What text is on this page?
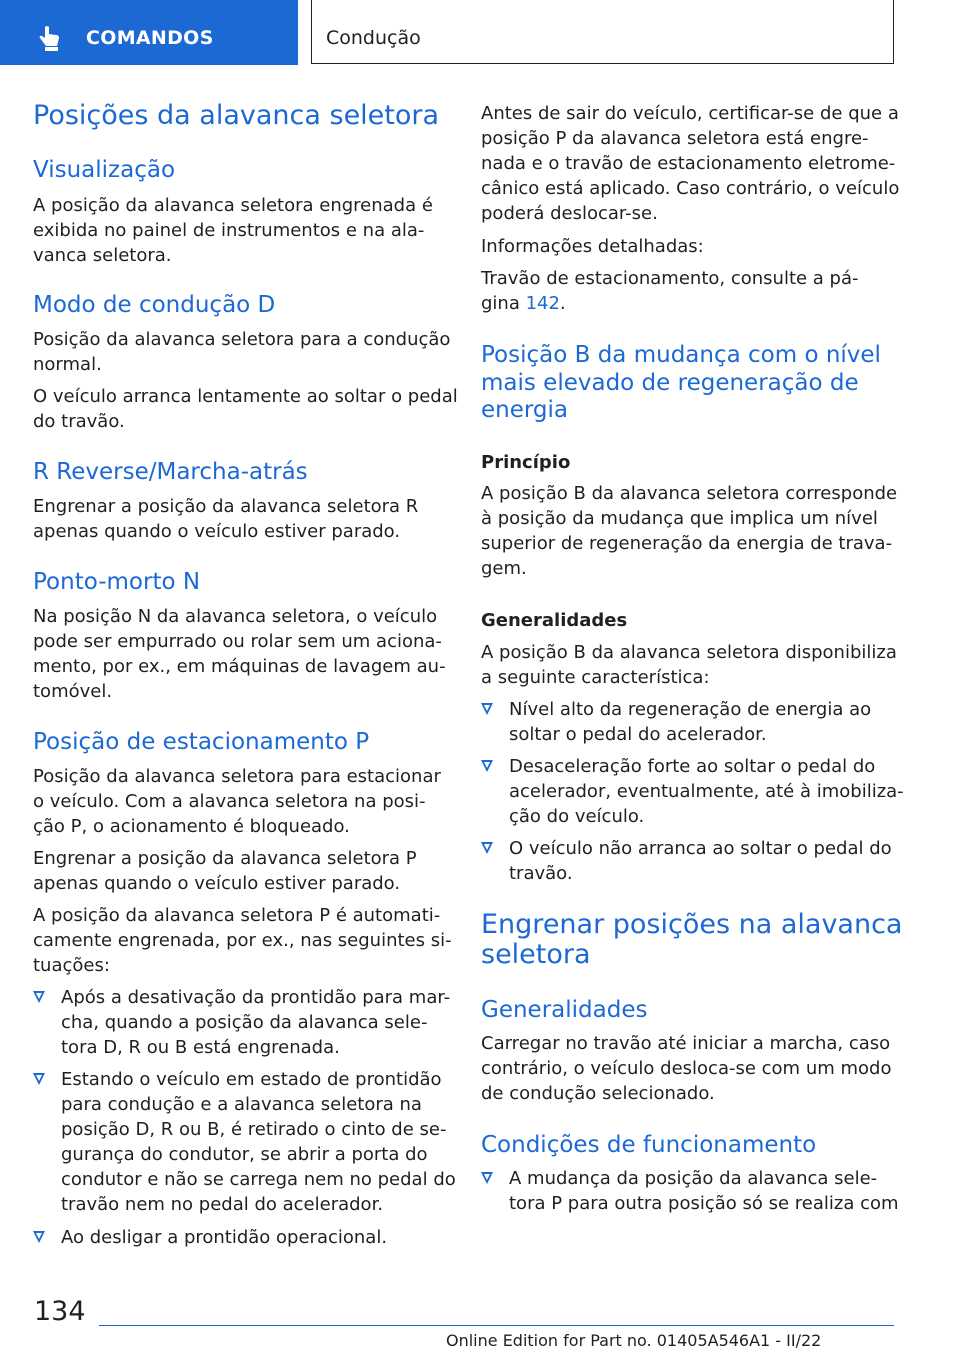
COMANDOS	Condução
Posições da alavanca seletora
Visualização

A posição da alavanca seletora engrenada é
exibida no painel de instrumentos e na ala-
vanca seletora.

Modo de condução D

Posição da alavanca seletora para a condução
normal.

O veículo arranca lentamente ao soltar o pedal
do travão.

R Reverse/Marcha-atrás

Engrenar a posição da alavanca seletora R
apenas quando o veículo estiver parado.

Ponto-morto N

Na posição N da alavanca seletora, o veículo
pode ser empurrado ou rolar sem um aciona-
mento, por ex., em máquinas de lavagem au-
tomóvel.

Posição de estacionamento P

Posição da alavanca seletora para estacionar
o veículo. Com a alavanca seletora na posi-
ção P, o acionamento é bloqueado.

Engrenar a posição da alavanca seletora P
apenas quando o veículo estiver parado.

A posição da alavanca seletora P é automati-
camente engrenada, por ex., nas seguintes si-
tuações:

Após a desativação da prontidão para mar-
cha, quando a posição da alavanca sele-
tora D, R ou B está engrenada.
Estando o veículo em estado de prontidão
para condução e a alavanca seletora na
posição D, R ou B, é retirado o cinto de se-
gurança do condutor, se abrir a porta do
condutor e não se carrega nem no pedal do
travão nem no pedal do acelerador.
Ao desligar a prontidão operacional.

Antes de sair do veículo, certificar-se de que a
posição P da alavanca seletora está engre-
nada e o travão de estacionamento eletrome-
cânico está aplicado. Caso contrário, o veículo
poderá deslocar-se.

Informações detalhadas:

Travão de estacionamento, consulte a pá-
gina 142.

Posição B da mudança com o nível
mais elevado de regeneração de
energia
Princípio

A posição B da alavanca seletora corresponde
à posição da mudança que implica um nível
superior de regeneração da energia de trava-
gem.

Generalidades

A posição B da alavanca seletora disponibiliza
a seguinte característica:

Nível alto da regeneração de energia ao
soltar o pedal do acelerador.
Desaceleração forte ao soltar o pedal do
acelerador, eventualmente, até à imobiliza-
ção do veículo.
O veículo não arranca ao soltar o pedal do
travão.
Engrenar posições na alavanca
seletora
Generalidades

Carregar no travão até iniciar a marcha, caso
contrário, o veículo desloca-se com um modo
de condução selecionado.

Condições de funcionamento
A mudança da posição da alavanca sele-
tora P para outra posição só se realiza com
134
Online Edition for Part no. 01405A546A1 - II/22
